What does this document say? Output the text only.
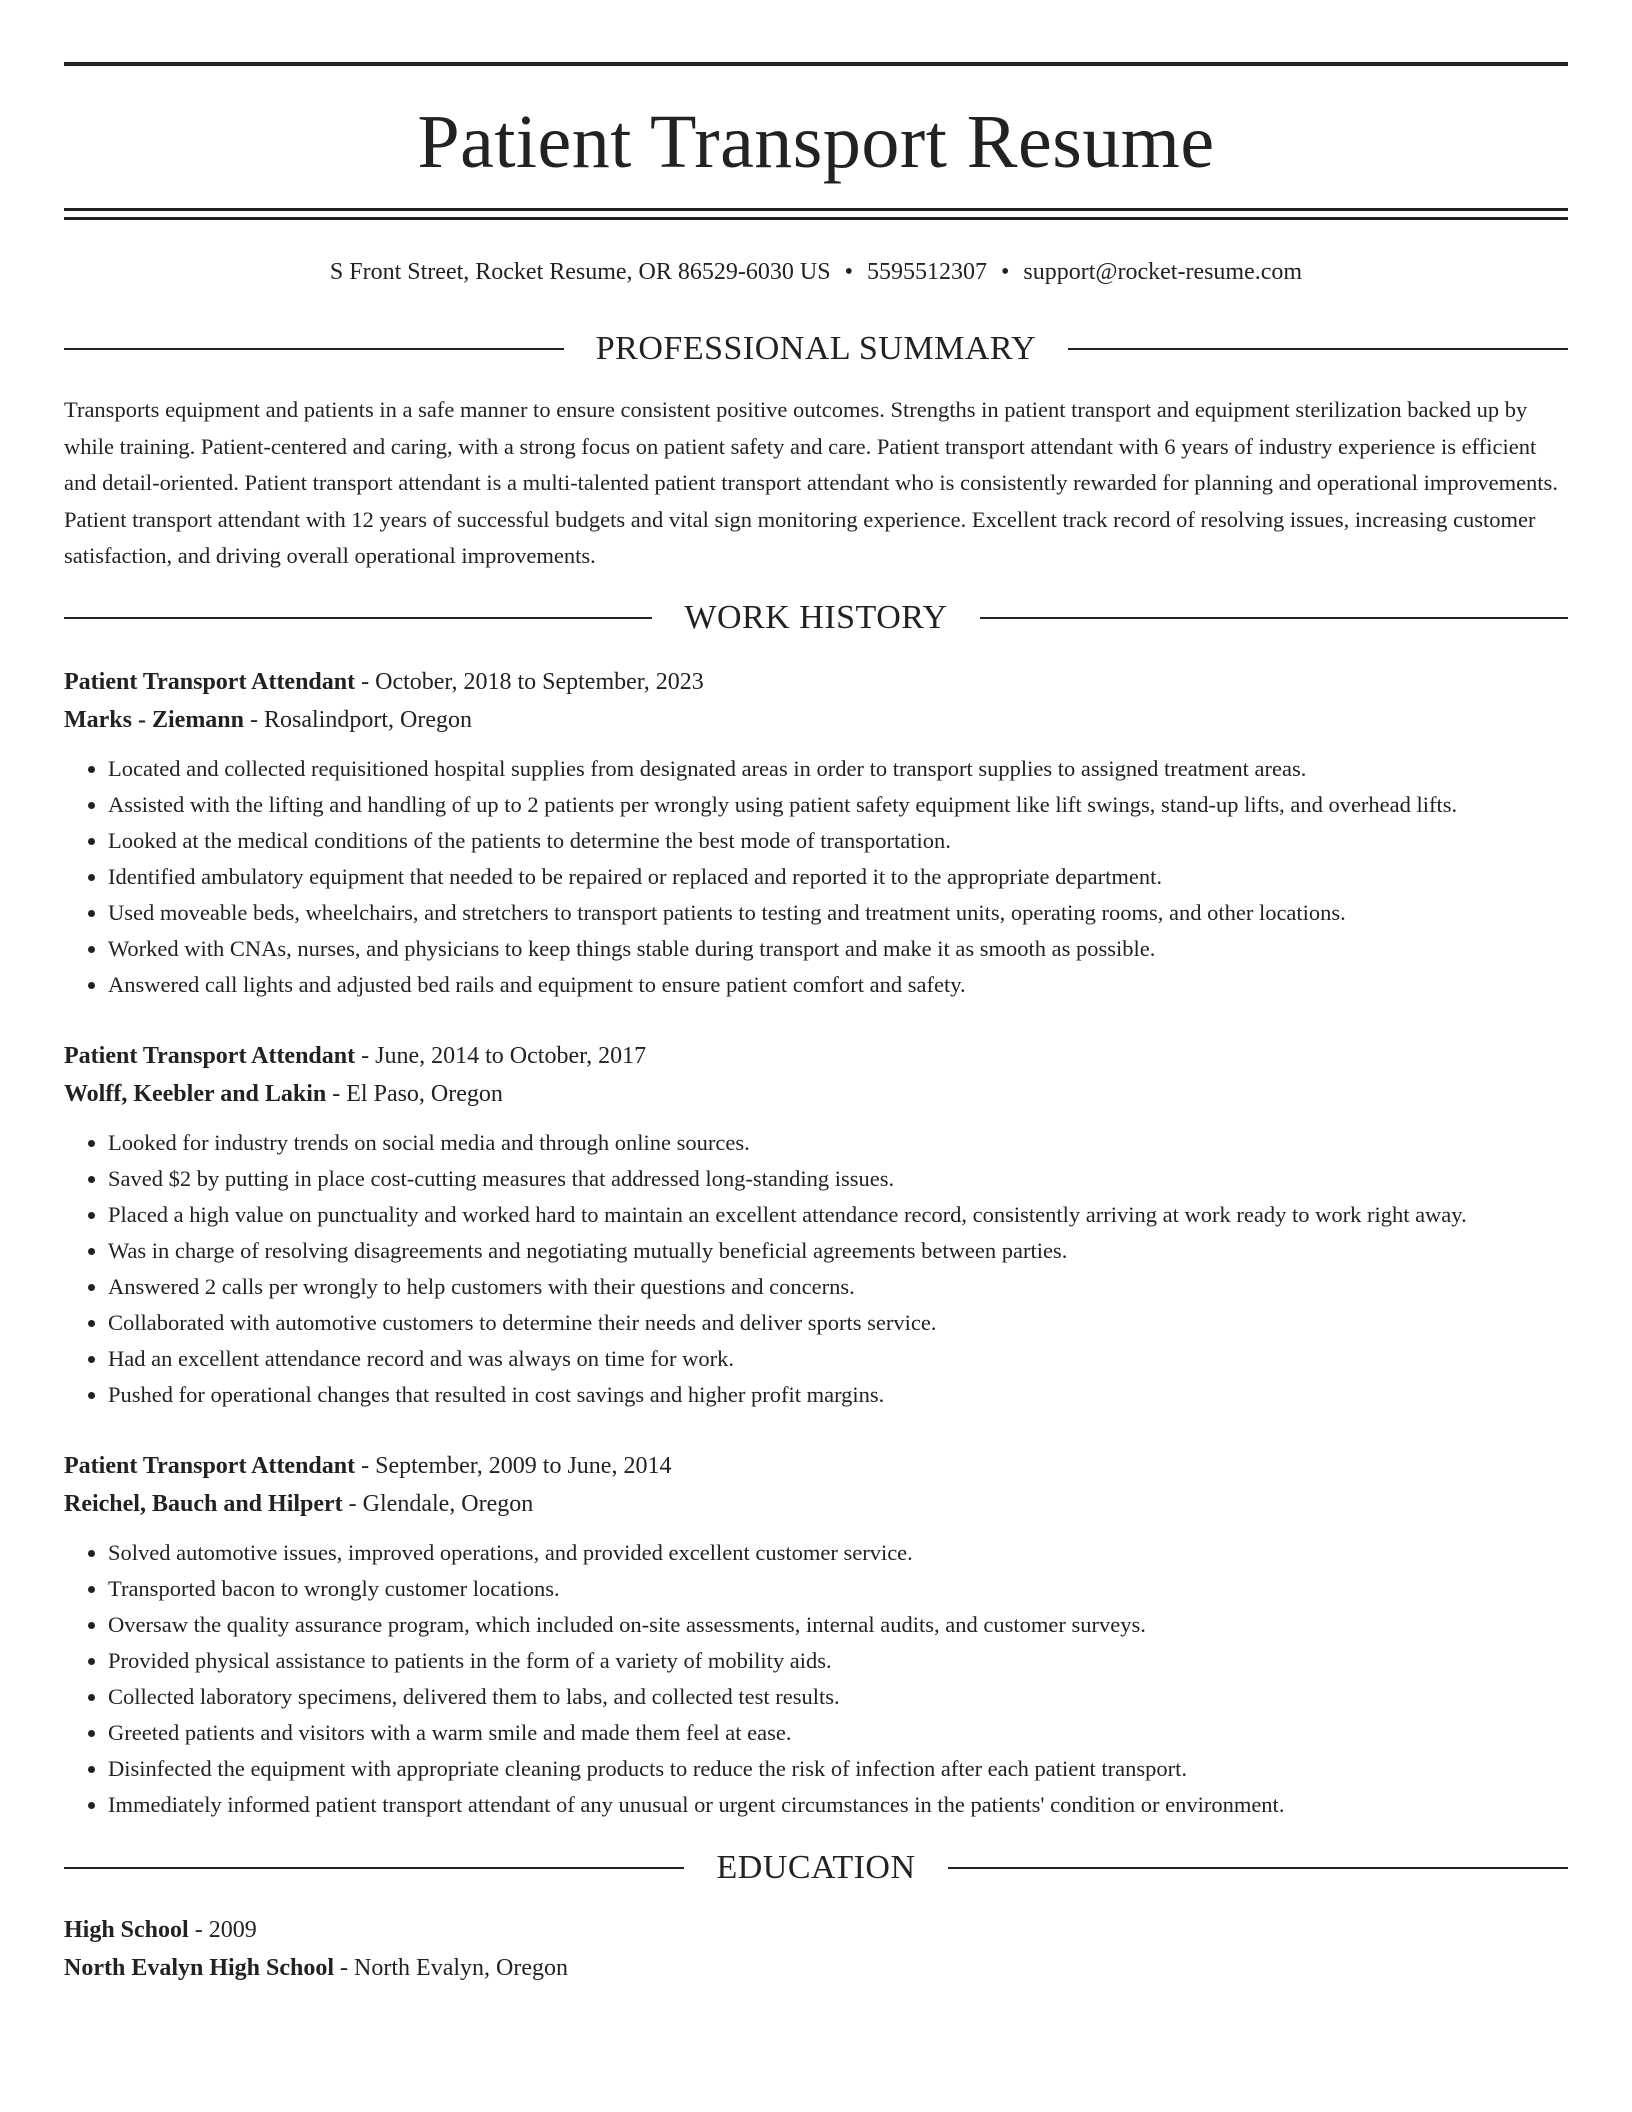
Patient Transport Resume
S Front Street, Rocket Resume, OR 86529-6030 US • 5595512307 • support@rocket-resume.com
PROFESSIONAL SUMMARY
Transports equipment and patients in a safe manner to ensure consistent positive outcomes. Strengths in patient transport and equipment sterilization backed up by while training. Patient-centered and caring, with a strong focus on patient safety and care. Patient transport attendant with 6 years of industry experience is efficient and detail-oriented. Patient transport attendant is a multi-talented patient transport attendant who is consistently rewarded for planning and operational improvements. Patient transport attendant with 12 years of successful budgets and vital sign monitoring experience. Excellent track record of resolving issues, increasing customer satisfaction, and driving overall operational improvements.
WORK HISTORY
Patient Transport Attendant - October, 2018 to September, 2023
Marks - Ziemann - Rosalindport, Oregon
• Located and collected requisitioned hospital supplies from designated areas in order to transport supplies to assigned treatment areas.
• Assisted with the lifting and handling of up to 2 patients per wrongly using patient safety equipment like lift swings, stand-up lifts, and overhead lifts.
• Looked at the medical conditions of the patients to determine the best mode of transportation.
• Identified ambulatory equipment that needed to be repaired or replaced and reported it to the appropriate department.
• Used moveable beds, wheelchairs, and stretchers to transport patients to testing and treatment units, operating rooms, and other locations.
• Worked with CNAs, nurses, and physicians to keep things stable during transport and make it as smooth as possible.
• Answered call lights and adjusted bed rails and equipment to ensure patient comfort and safety.
Patient Transport Attendant - June, 2014 to October, 2017
Wolff, Keebler and Lakin - El Paso, Oregon
• Looked for industry trends on social media and through online sources.
• Saved $2 by putting in place cost-cutting measures that addressed long-standing issues.
• Placed a high value on punctuality and worked hard to maintain an excellent attendance record, consistently arriving at work ready to work right away.
• Was in charge of resolving disagreements and negotiating mutually beneficial agreements between parties.
• Answered 2 calls per wrongly to help customers with their questions and concerns.
• Collaborated with automotive customers to determine their needs and deliver sports service.
• Had an excellent attendance record and was always on time for work.
• Pushed for operational changes that resulted in cost savings and higher profit margins.
Patient Transport Attendant - September, 2009 to June, 2014
Reichel, Bauch and Hilpert - Glendale, Oregon
• Solved automotive issues, improved operations, and provided excellent customer service.
• Transported bacon to wrongly customer locations.
• Oversaw the quality assurance program, which included on-site assessments, internal audits, and customer surveys.
• Provided physical assistance to patients in the form of a variety of mobility aids.
• Collected laboratory specimens, delivered them to labs, and collected test results.
• Greeted patients and visitors with a warm smile and made them feel at ease.
• Disinfected the equipment with appropriate cleaning products to reduce the risk of infection after each patient transport.
• Immediately informed patient transport attendant of any unusual or urgent circumstances in the patients' condition or environment.
EDUCATION
High School - 2009
North Evalyn High School - North Evalyn, Oregon
